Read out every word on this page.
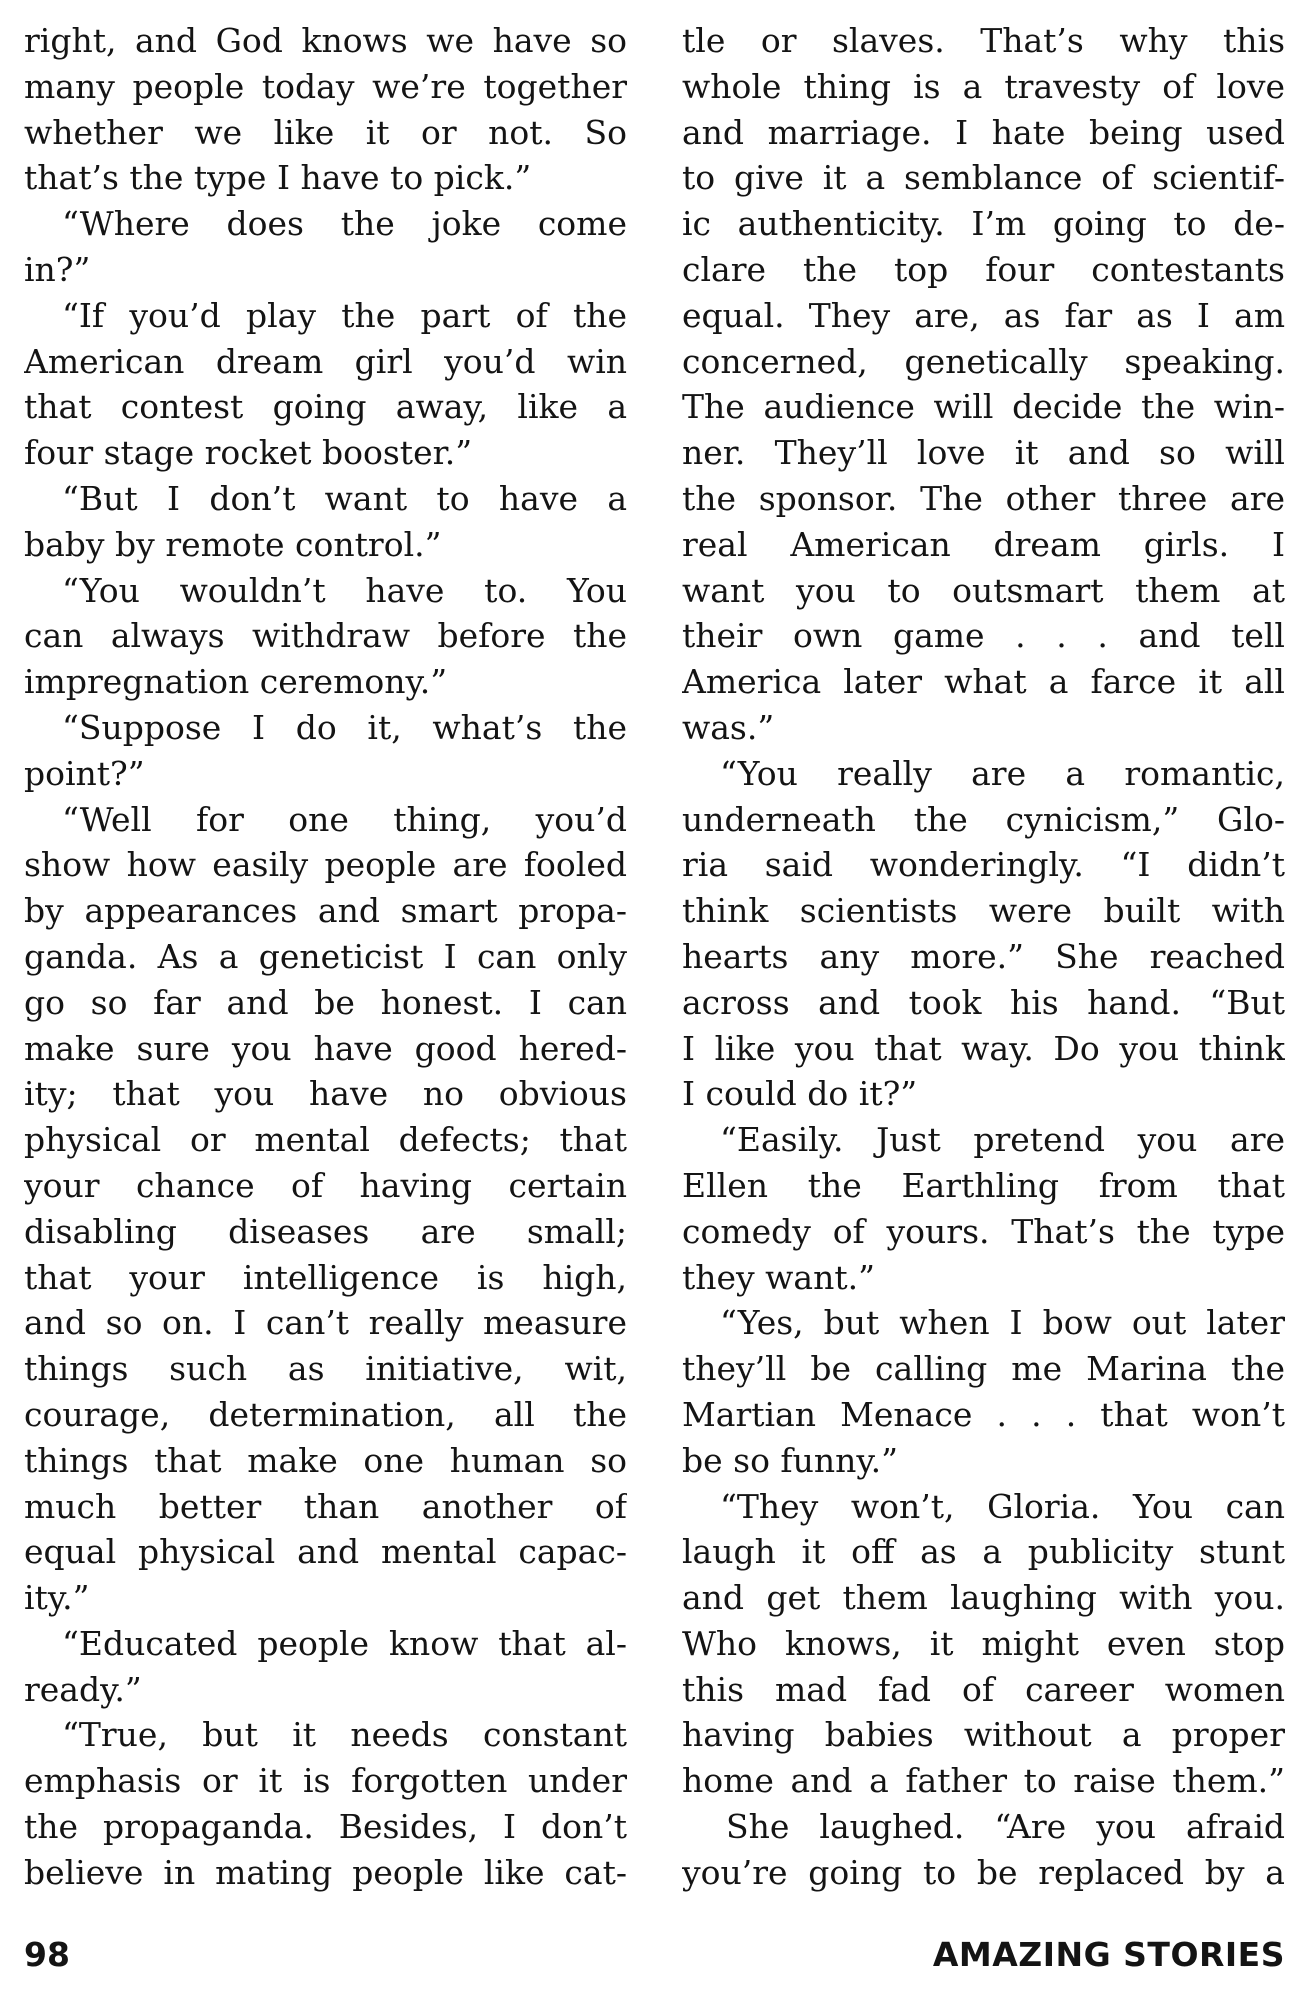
right, and God knows we have so
many people today we’re together
whether we like it or not. So
that’s the type I have to pick.”
“Where does the joke come
in?”
“If you’d play the part of the
American dream girl you’d win
that contest going away, like a
four stage rocket booster.”
“But I don’t want to have a
baby by remote control.”
“You wouldn’t have to. You
can always withdraw before the
impregnation ceremony.”
“Suppose I do it, what’s the
point?”
“Well for one thing, you’d
show how easily people are fooled
by appearances and smart propa-
ganda. As a geneticist I can only
go so far and be honest. I can
make sure you have good hered-
ity; that you have no obvious
physical or mental defects; that
your chance of having certain
disabling diseases are small;
that your intelligence is high,
and so on. I can’t really measure
things such as initiative, wit,
courage, determination, all the
things that make one human so
much better than another of
equal physical and mental capac-
ity.”
“Educated people know that al-
ready.”
“True, but it needs constant
emphasis or it is forgotten under
the propaganda. Besides, I don’t
believe in mating people like cat-
tle or slaves. That’s why this
whole thing is a travesty of love
and marriage. I hate being used
to give it a semblance of scientif-
ic authenticity. I’m going to de-
clare the top four contestants
equal. They are, as far as I am
concerned, genetically speaking.
The audience will decide the win-
ner. They’ll love it and so will
the sponsor. The other three are
real American dream girls. I
want you to outsmart them at
their own game . . . and tell
America later what a farce it all
was.”
“You really are a romantic,
underneath the cynicism,” Glo-
ria said wonderingly. “I didn’t
think scientists were built with
hearts any more.” She reached
across and took his hand. “But
I like you that way. Do you think
I could do it?”
“Easily. Just pretend you are
Ellen the Earthling from that
comedy of yours. That’s the type
they want.”
“Yes, but when I bow out later
they’ll be calling me Marina the
Martian Menace . . . that won’t
be so funny.”
“They won’t, Gloria. You can
laugh it off as a publicity stunt
and get them laughing with you.
Who knows, it might even stop
this mad fad of career women
having babies without a proper
home and a father to raise them.”
She laughed. “Are you afraid
you’re going to be replaced by a
98	AMAZING STORIES
